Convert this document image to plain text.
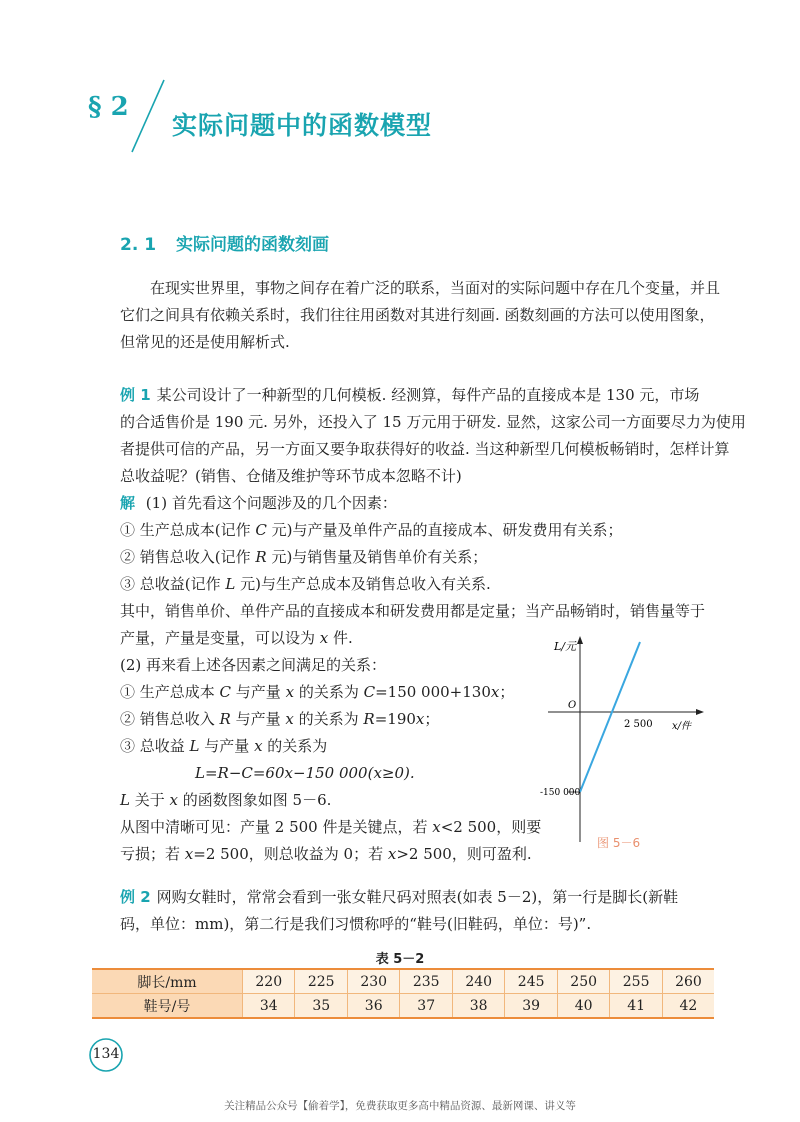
§ 2
实际问题中的函数模型
2. 1 实际问题的函数刻画
在现实世界里，事物之间存在着广泛的联系，当面对的实际问题中存在几个变量，并且
它们之间具有依赖关系时，我们往往用函数对其进行刻画. 函数刻画的方法可以使用图象，
但常见的还是使用解析式.
例 1 某公司设计了一种新型的几何模板. 经测算，每件产品的直接成本是 130 元，市场
的合适售价是 190 元. 另外，还投入了 15 万元用于研发. 显然，这家公司一方面要尽力为使用
者提供可信的产品，另一方面又要争取获得好的收益. 当这种新型几何模板畅销时，怎样计算
总收益呢？(销售、仓储及维护等环节成本忽略不计)
解 (1) 首先看这个问题涉及的几个因素：
① 生产总成本(记作 C 元)与产量及单件产品的直接成本、研发费用有关系；
② 销售总收入(记作 R 元)与销售量及销售单价有关系；
③ 总收益(记作 L 元)与生产总成本及销售总收入有关系.
其中，销售单价、单件产品的直接成本和研发费用都是定量；当产品畅销时，销售量等于
产量，产量是变量，可以设为 x 件.
(2) 再来看上述各因素之间满足的关系：
① 生产总成本 C 与产量 x 的关系为 C=150 000+130x；
② 销售总收入 R 与产量 x 的关系为 R=190x；
③ 总收益 L 与产量 x 的关系为
L=R−C=60x−150 000(x≥0).
L 关于 x 的函数图象如图 5－6.
从图中清晰可见：产量 2 500 件是关键点，若 x<2 500，则要
亏损；若 x=2 500，则总收益为 0；若 x>2 500，则可盈利.
L/元
x/件
O
2 500
-150 000
图 5－6
例 2 网购女鞋时，常常会看到一张女鞋尺码对照表(如表 5－2)，第一行是脚长(新鞋
码，单位：mm)，第二行是我们习惯称呼的“鞋号(旧鞋码，单位：号)”.
表 5－2
脚长/mm	220	225	230	235	240	245	250	255	260
鞋号/号	34	35	36	37	38	39	40	41	42
134
关注精品公众号【偷着学】，免费获取更多高中精品资源、最新网课、讲义等
